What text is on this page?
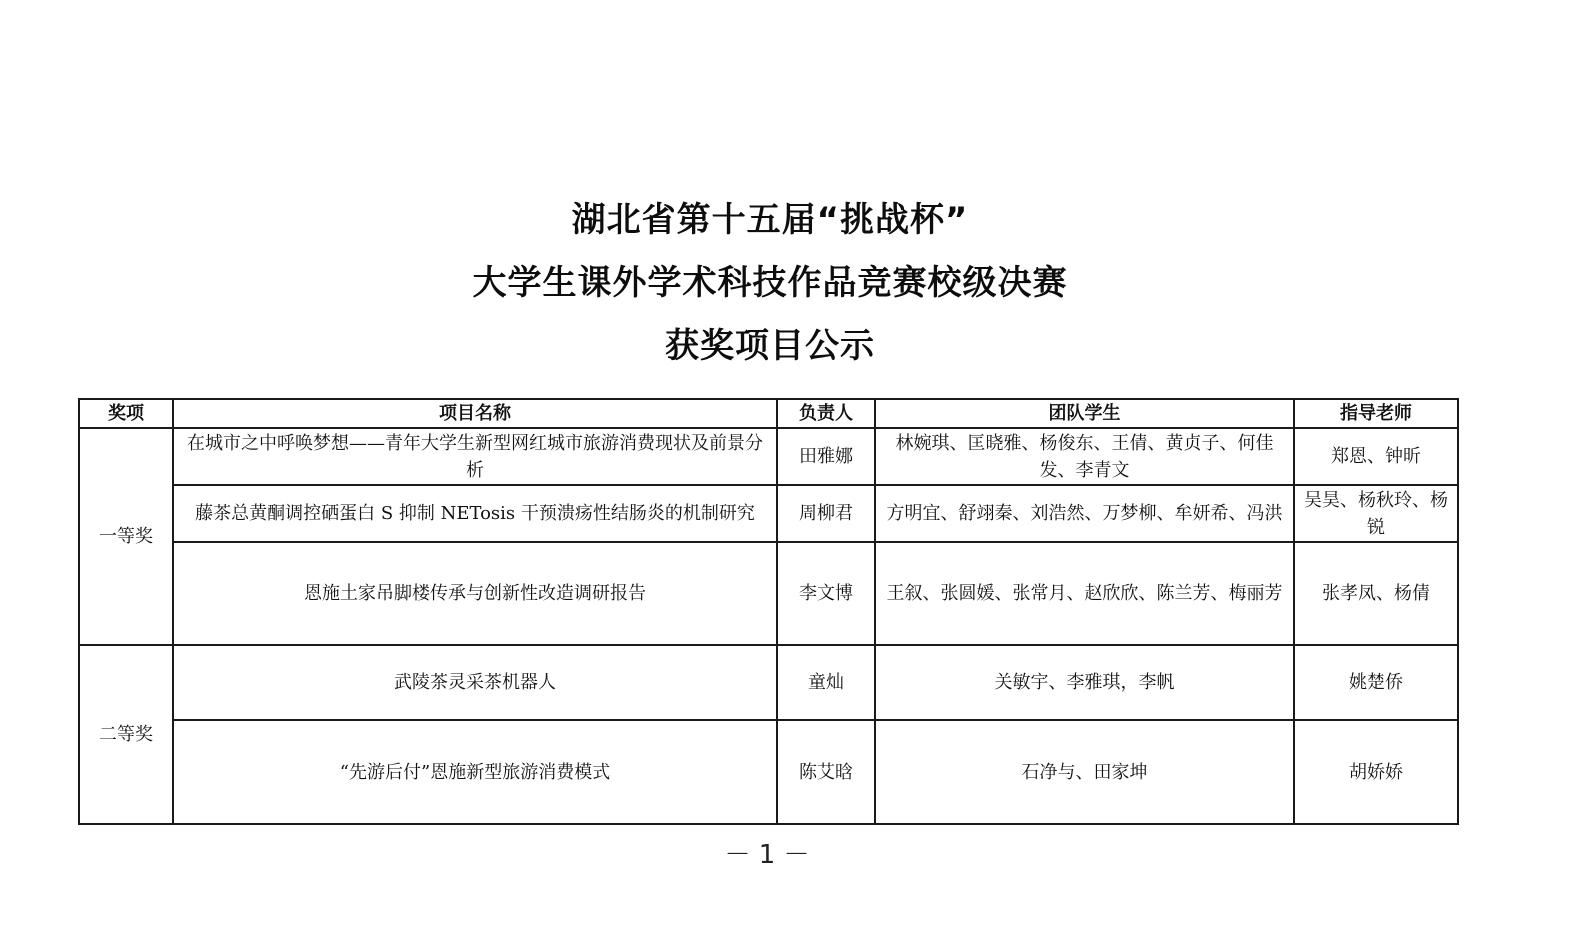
湖北省第十五届“挑战杯”
大学生课外学术科技作品竞赛校级决赛
获奖项目公示
奖项	项目名称	负责人	团队学生	指导老师
一等奖	在城市之中呼唤梦想——青年大学生新型网红城市旅游消费现状及前景分析	田雅娜	林婉琪、匡晓雅、杨俊东、王倩、黄贞子、何佳发、李青文	郑恩、钟昕
	藤茶总黄酮调控硒蛋白 S 抑制 NETosis 干预溃疡性结肠炎的机制研究	周柳君	方明宜、舒翊秦、刘浩然、万梦柳、牟妍希、冯洪	吴昊、杨秋玲、杨锐
	恩施土家吊脚楼传承与创新性改造调研报告	李文博	王叙、张圆媛、张常月、赵欣欣、陈兰芳、梅丽芳	张孝凤、杨倩
二等奖	武陵茶灵采茶机器人	童灿	关敏宇、李雅琪，李帆	姚楚侨
	“先游后付”恩施新型旅游消费模式	陈艾晗	石净与、田家坤	胡娇娇
－ 1 －
